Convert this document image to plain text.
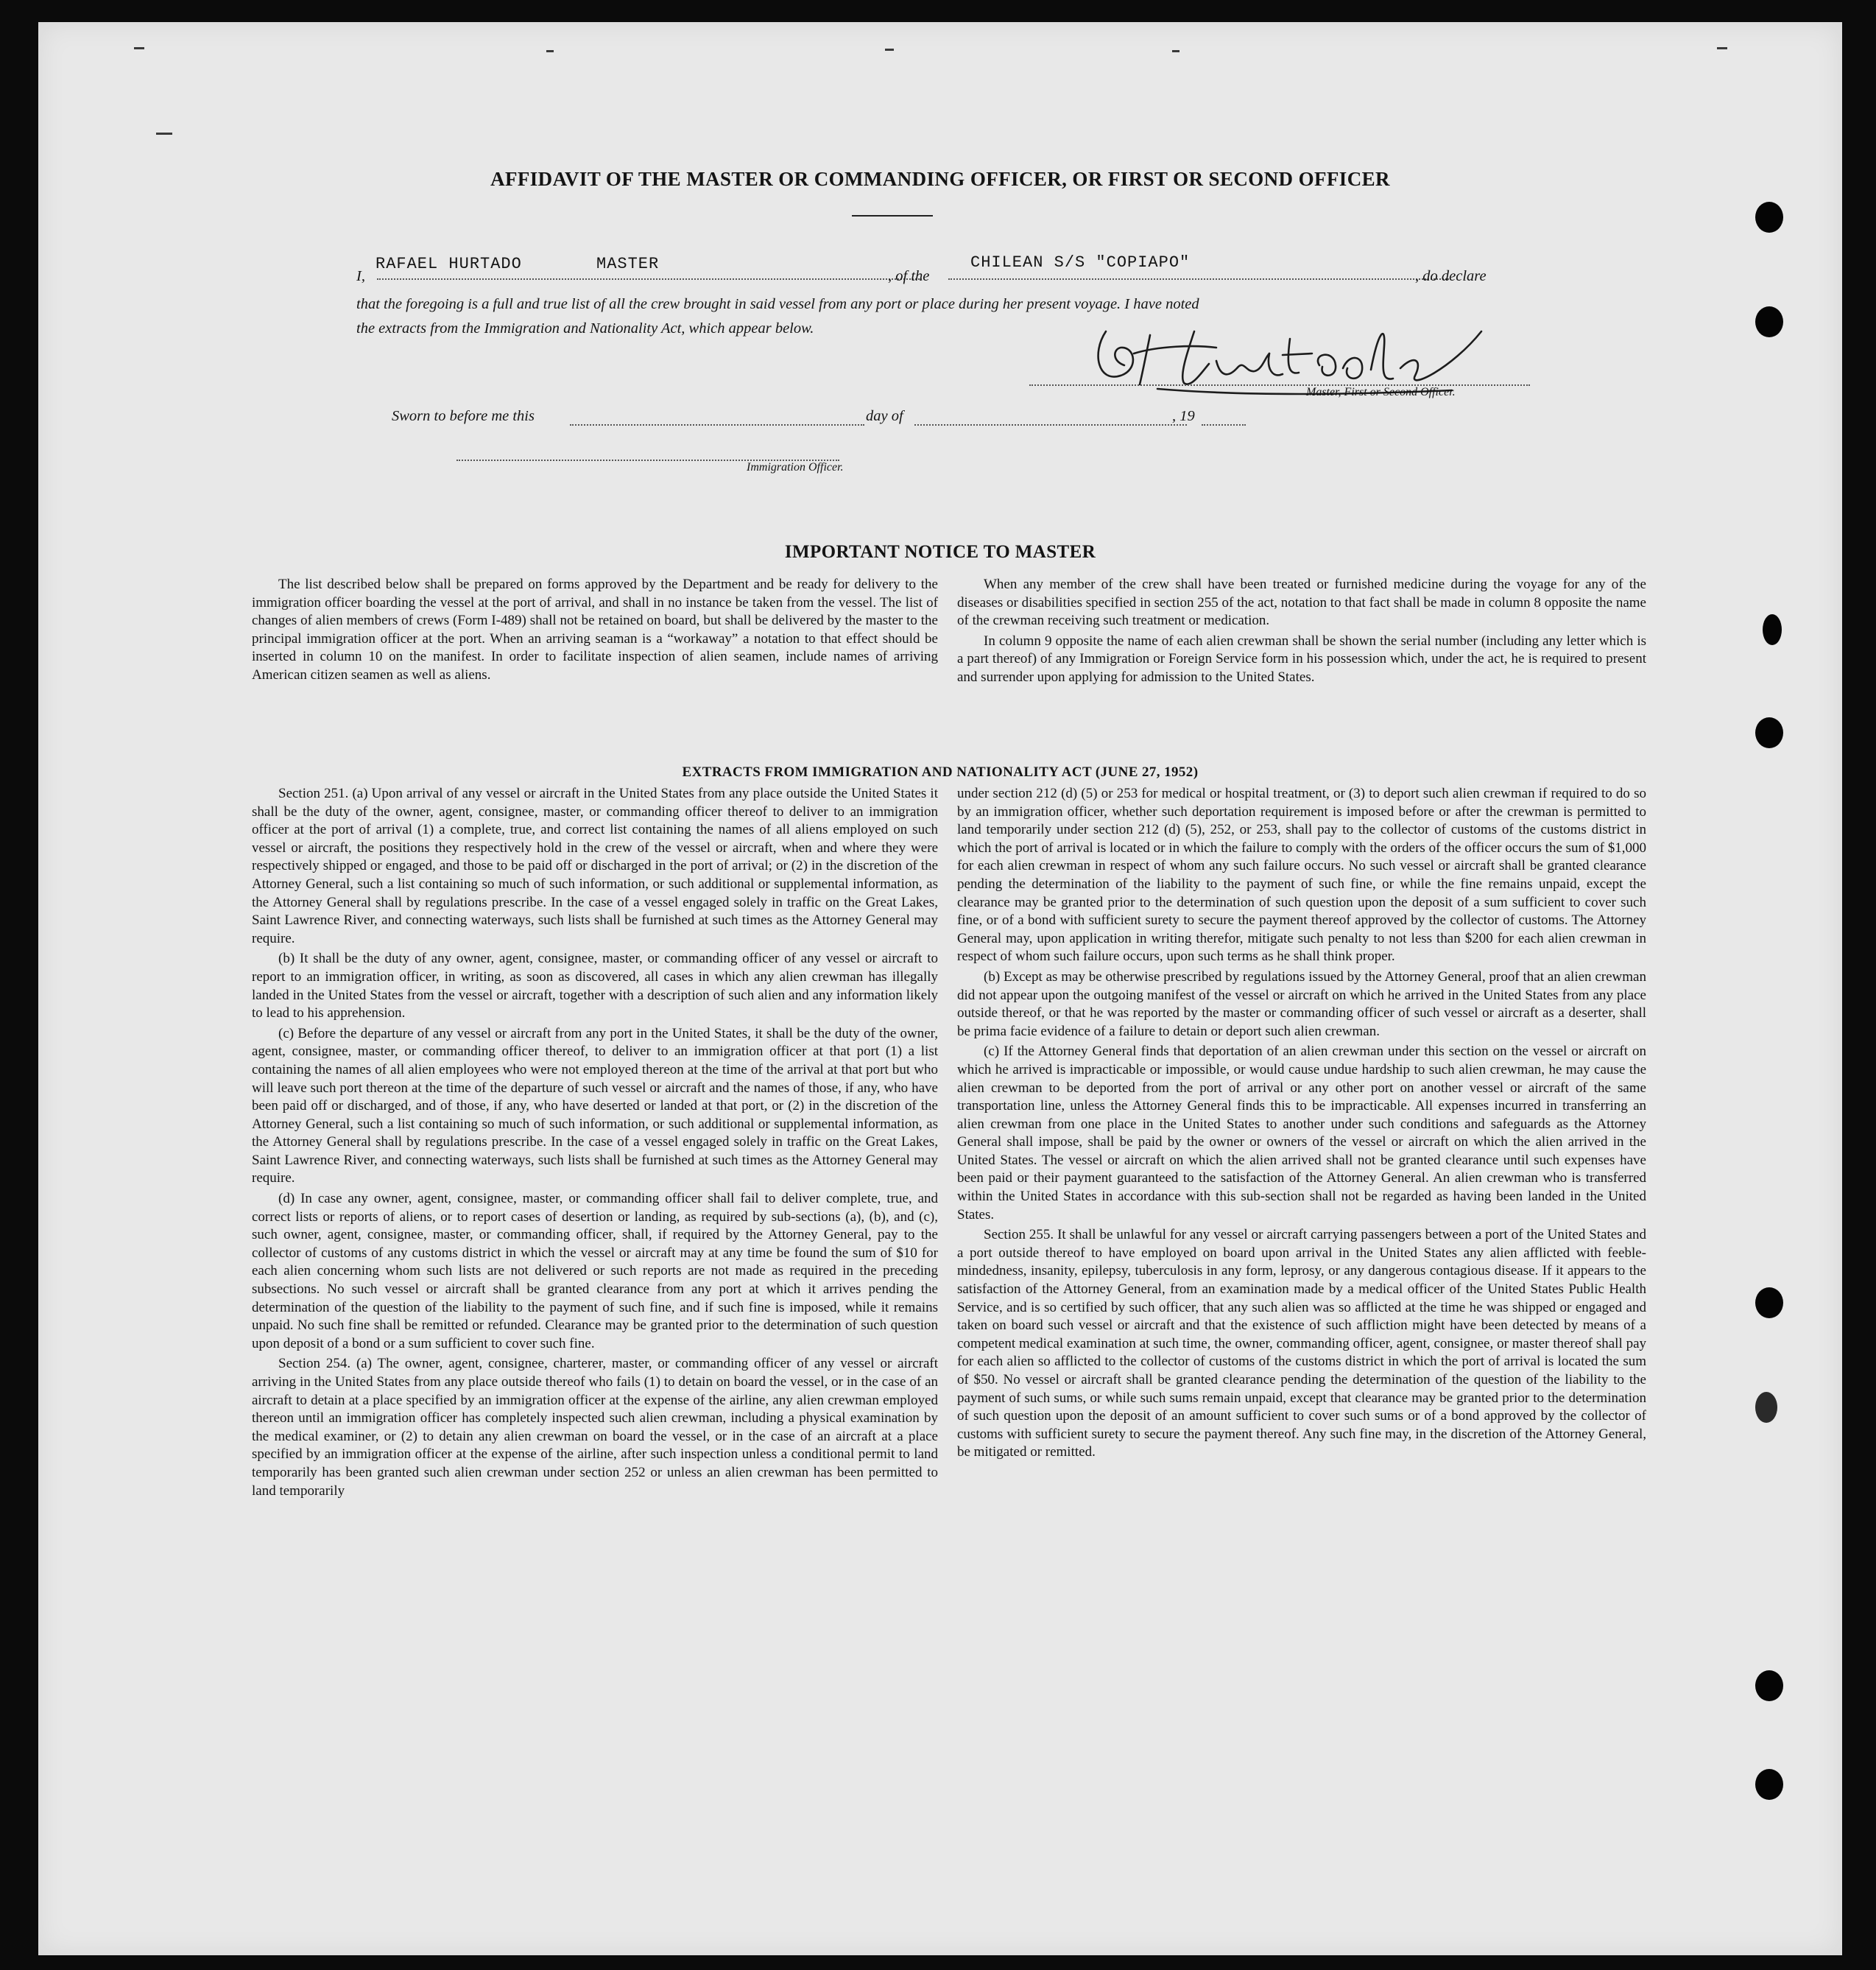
AFFIDAVIT OF THE MASTER OR COMMANDING OFFICER, OR FIRST OR SECOND OFFICER
I,
RAFAEL HURTADO	MASTER
, of the
CHILEAN S/S "COPIAPO"
, do declare
that the foregoing is a full and true list of all the crew brought in said vessel from any port or place during her present voyage. I have noted
the extracts from the Immigration and Nationality Act, which appear below.
Master, First or Second Officer.
Sworn to before me this	day of	, 19
Immigration Officer.
IMPORTANT NOTICE TO MASTER

The list described below shall be prepared on forms approved by the Department and be ready for delivery to the immigration officer boarding the vessel at the port of arrival, and shall in no instance be taken from the vessel. The list of changes of alien members of crews (Form I-489) shall not be retained on board, but shall be delivered by the master to the principal immigration officer at the port. When an arriving seaman is a “workaway” a notation to that effect should be inserted in column 10 on the manifest. In order to facilitate inspection of alien seamen, include names of arriving American citizen seamen as well as aliens.

When any member of the crew shall have been treated or furnished medicine during the voyage for any of the diseases or disabilities specified in section 255 of the act, notation to that fact shall be made in column 8 opposite the name of the crewman receiving such treatment or medication.

In column 9 opposite the name of each alien crewman shall be shown the serial number (including any letter which is a part thereof) of any Immigration or Foreign Service form in his possession which, under the act, he is required to present and surrender upon applying for admission to the United States.

EXTRACTS FROM IMMIGRATION AND NATIONALITY ACT (JUNE 27, 1952)

Section 251. (a) Upon arrival of any vessel or aircraft in the United States from any place outside the United States it shall be the duty of the owner, agent, consignee, master, or commanding officer thereof to deliver to an immigration officer at the port of arrival (1) a complete, true, and correct list containing the names of all aliens employed on such vessel or aircraft, the positions they respectively hold in the crew of the vessel or aircraft, when and where they were respectively shipped or engaged, and those to be paid off or discharged in the port of arrival; or (2) in the discretion of the Attorney General, such a list containing so much of such information, or such additional or supplemental information, as the Attorney General shall by regulations prescribe. In the case of a vessel engaged solely in traffic on the Great Lakes, Saint Lawrence River, and connecting waterways, such lists shall be furnished at such times as the Attorney General may require.

(b) It shall be the duty of any owner, agent, consignee, master, or commanding officer of any vessel or aircraft to report to an immigration officer, in writing, as soon as discovered, all cases in which any alien crewman has illegally landed in the United States from the vessel or aircraft, together with a description of such alien and any information likely to lead to his apprehension.

(c) Before the departure of any vessel or aircraft from any port in the United States, it shall be the duty of the owner, agent, consignee, master, or commanding officer thereof, to deliver to an immigration officer at that port (1) a list containing the names of all alien employees who were not employed thereon at the time of the arrival at that port but who will leave such port thereon at the time of the departure of such vessel or aircraft and the names of those, if any, who have been paid off or discharged, and of those, if any, who have deserted or landed at that port, or (2) in the discretion of the Attorney General, such a list containing so much of such information, or such additional or supplemental information, as the Attorney General shall by regulations prescribe. In the case of a vessel engaged solely in traffic on the Great Lakes, Saint Lawrence River, and connecting waterways, such lists shall be furnished at such times as the Attorney General may require.

(d) In case any owner, agent, consignee, master, or commanding officer shall fail to deliver complete, true, and correct lists or reports of aliens, or to report cases of desertion or landing, as required by sub-sections (a), (b), and (c), such owner, agent, consignee, master, or commanding officer, shall, if required by the Attorney General, pay to the collector of customs of any customs district in which the vessel or aircraft may at any time be found the sum of $10 for each alien concerning whom such lists are not delivered or such reports are not made as required in the preceding subsections. No such vessel or aircraft shall be granted clearance from any port at which it arrives pending the determination of the question of the liability to the payment of such fine, and if such fine is imposed, while it remains unpaid. No such fine shall be remitted or refunded. Clearance may be granted prior to the determination of such question upon deposit of a bond or a sum sufficient to cover such fine.

Section 254. (a) The owner, agent, consignee, charterer, master, or commanding officer of any vessel or aircraft arriving in the United States from any place outside thereof who fails (1) to detain on board the vessel, or in the case of an aircraft to detain at a place specified by an immigration officer at the expense of the airline, any alien crewman employed thereon until an immigration officer has completely inspected such alien crewman, including a physical examination by the medical examiner, or (2) to detain any alien crewman on board the vessel, or in the case of an aircraft at a place specified by an immigration officer at the expense of the airline, after such inspection unless a conditional permit to land temporarily has been granted such alien crewman under section 252 or unless an alien crewman has been permitted to land temporarily

under section 212 (d) (5) or 253 for medical or hospital treatment, or (3) to deport such alien crewman if required to do so by an immigration officer, whether such deportation requirement is imposed before or after the crewman is permitted to land temporarily under section 212 (d) (5), 252, or 253, shall pay to the collector of customs of the customs district in which the port of arrival is located or in which the failure to comply with the orders of the officer occurs the sum of $1,000 for each alien crewman in respect of whom any such failure occurs. No such vessel or aircraft shall be granted clearance pending the determination of the liability to the payment of such fine, or while the fine remains unpaid, except the clearance may be granted prior to the determination of such question upon the deposit of a sum sufficient to cover such fine, or of a bond with sufficient surety to secure the payment thereof approved by the collector of customs. The Attorney General may, upon application in writing therefor, mitigate such penalty to not less than $200 for each alien crewman in respect of whom such failure occurs, upon such terms as he shall think proper.

(b) Except as may be otherwise prescribed by regulations issued by the Attorney General, proof that an alien crewman did not appear upon the outgoing manifest of the vessel or aircraft on which he arrived in the United States from any place outside thereof, or that he was reported by the master or commanding officer of such vessel or aircraft as a deserter, shall be prima facie evidence of a failure to detain or deport such alien crewman.

(c) If the Attorney General finds that deportation of an alien crewman under this section on the vessel or aircraft on which he arrived is impracticable or impossible, or would cause undue hardship to such alien crewman, he may cause the alien crewman to be deported from the port of arrival or any other port on another vessel or aircraft of the same transportation line, unless the Attorney General finds this to be impracticable. All expenses incurred in transferring an alien crewman from one place in the United States to another under such conditions and safeguards as the Attorney General shall impose, shall be paid by the owner or owners of the vessel or aircraft on which the alien arrived in the United States. The vessel or aircraft on which the alien arrived shall not be granted clearance until such expenses have been paid or their payment guaranteed to the satisfaction of the Attorney General. An alien crewman who is transferred within the United States in accordance with this sub-section shall not be regarded as having been landed in the United States.

Section 255. It shall be unlawful for any vessel or aircraft carrying passengers between a port of the United States and a port outside thereof to have employed on board upon arrival in the United States any alien afflicted with feeble-mindedness, insanity, epilepsy, tuberculosis in any form, leprosy, or any dangerous contagious disease. If it appears to the satisfaction of the Attorney General, from an examination made by a medical officer of the United States Public Health Service, and is so certified by such officer, that any such alien was so afflicted at the time he was shipped or engaged and taken on board such vessel or aircraft and that the existence of such affliction might have been detected by means of a competent medical examination at such time, the owner, commanding officer, agent, consignee, or master thereof shall pay for each alien so afflicted to the collector of customs of the customs district in which the port of arrival is located the sum of $50. No vessel or aircraft shall be granted clearance pending the determination of the question of the liability to the payment of such sums, or while such sums remain unpaid, except that clearance may be granted prior to the determination of such question upon the deposit of an amount sufficient to cover such sums or of a bond approved by the collector of customs with sufficient surety to secure the payment thereof. Any such fine may, in the discretion of the Attorney General, be mitigated or remitted.
